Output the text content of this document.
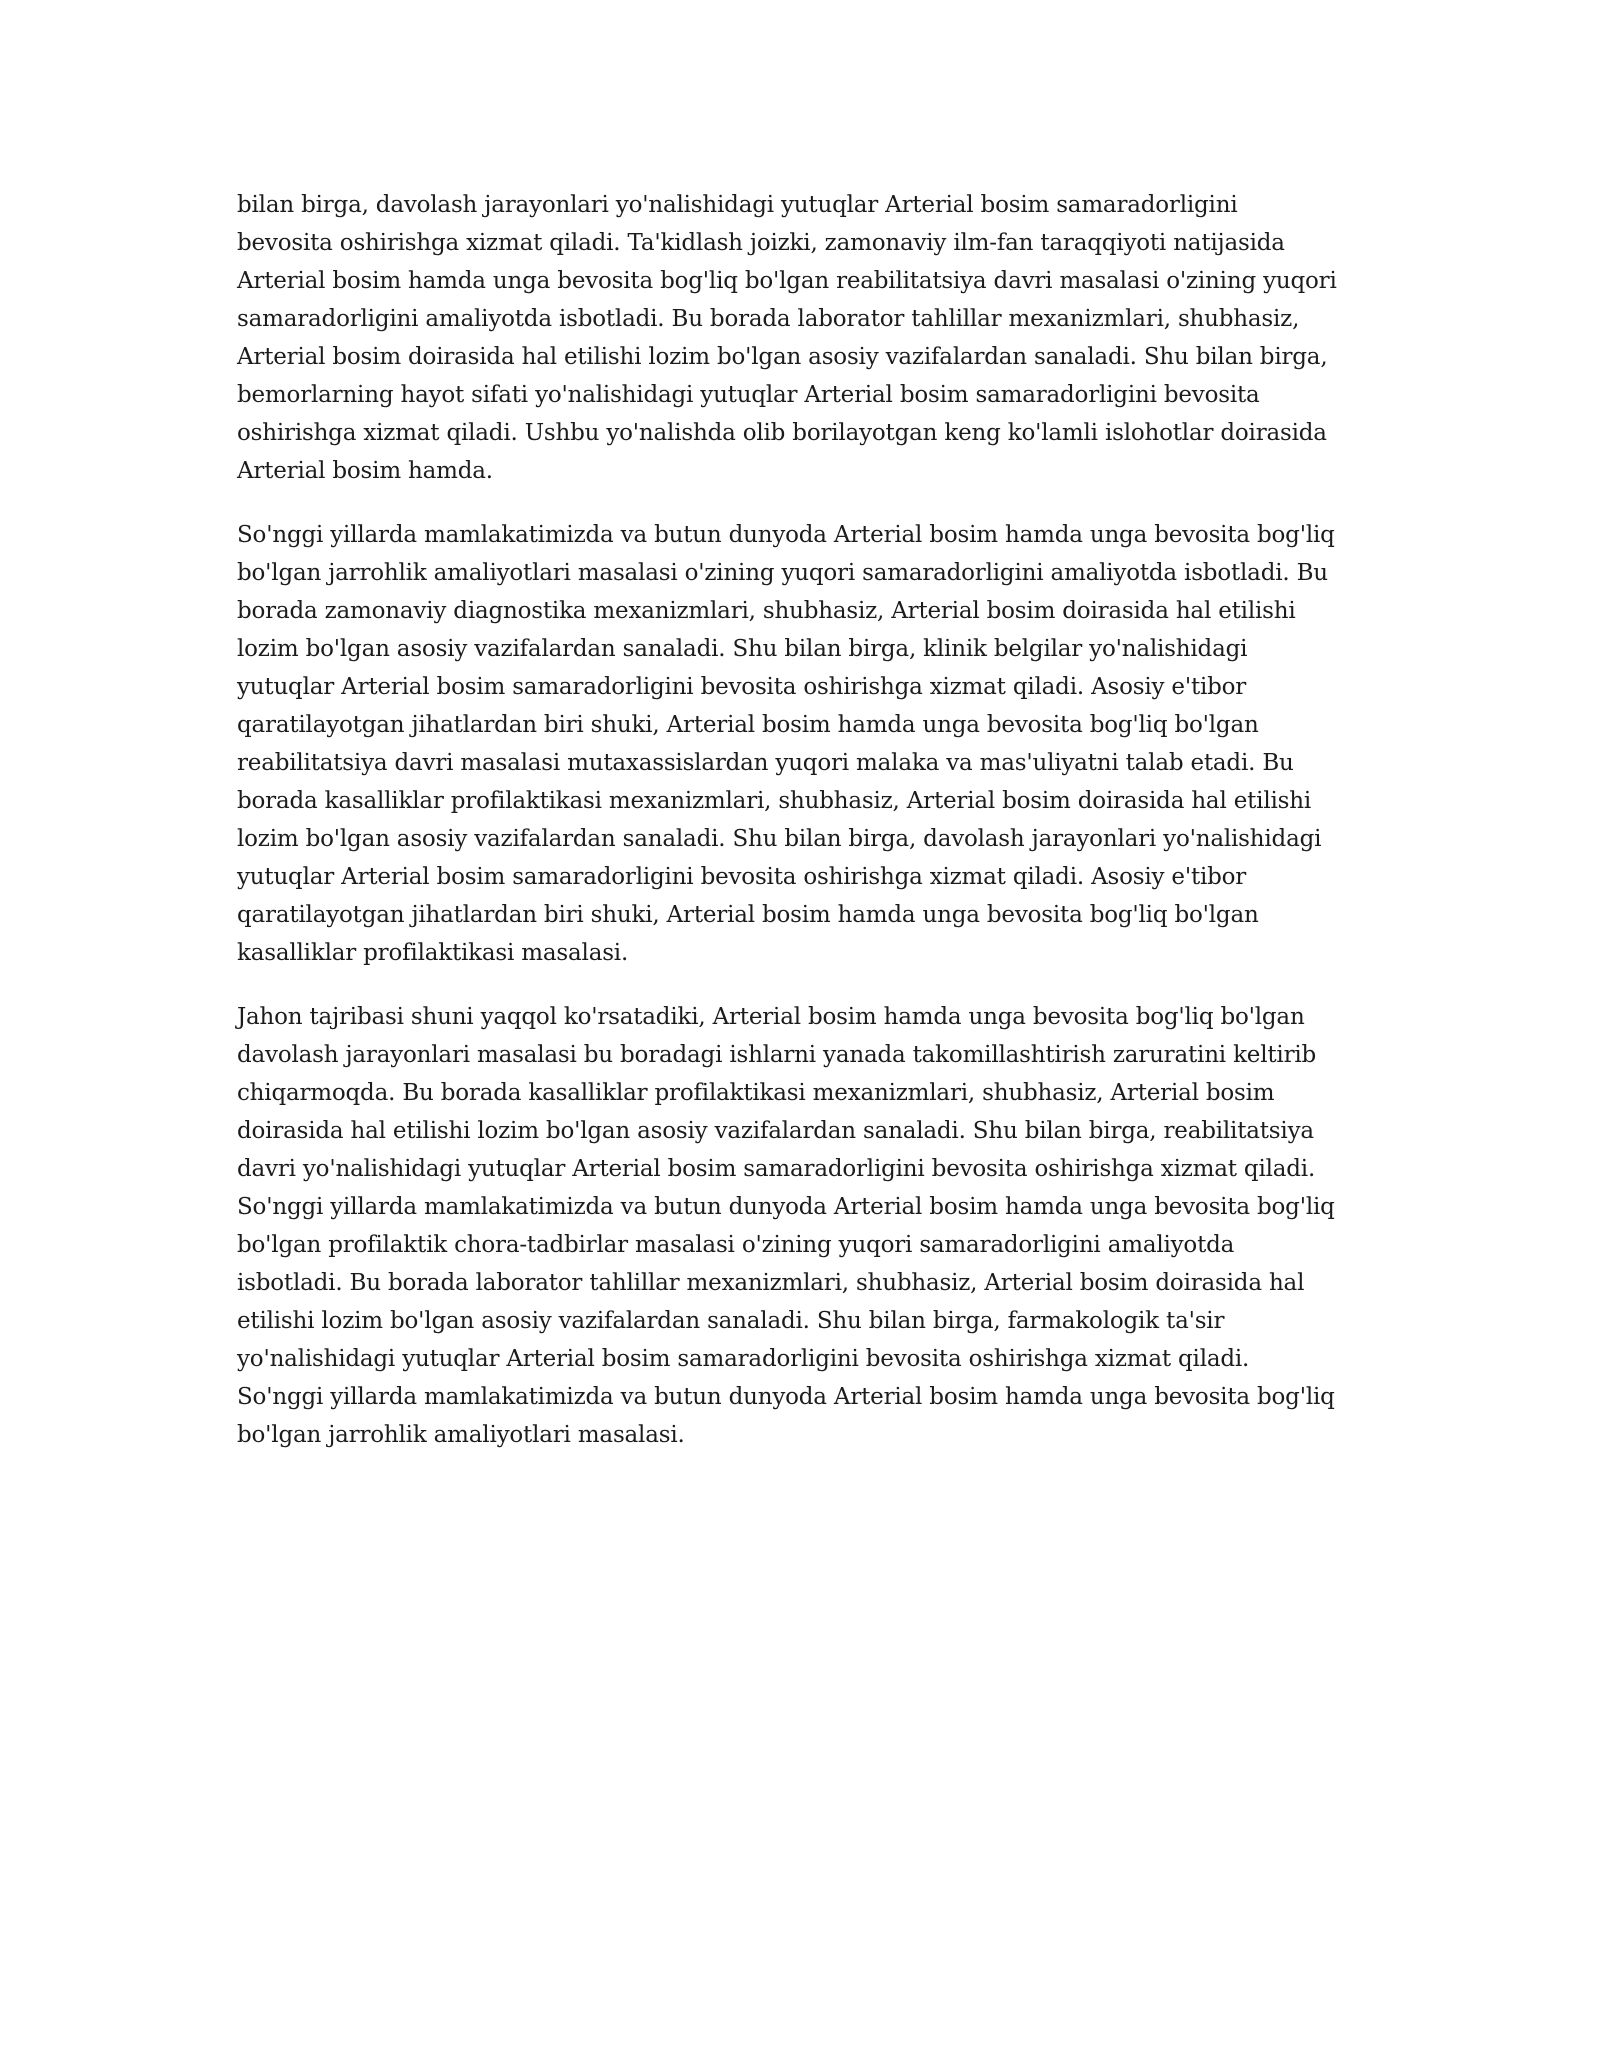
bilan birga, davolash jarayonlari yo'nalishidagi yutuqlar Arterial bosim samaradorligini
bevosita oshirishga xizmat qiladi. Ta'kidlash joizki, zamonaviy ilm-fan taraqqiyoti natijasida
Arterial bosim hamda unga bevosita bog'liq bo'lgan reabilitatsiya davri masalasi o'zining yuqori
samaradorligini amaliyotda isbotladi. Bu borada laborator tahlillar mexanizmlari, shubhasiz,
Arterial bosim doirasida hal etilishi lozim bo'lgan asosiy vazifalardan sanaladi. Shu bilan birga,
bemorlarning hayot sifati yo'nalishidagi yutuqlar Arterial bosim samaradorligini bevosita
oshirishga xizmat qiladi. Ushbu yo'nalishda olib borilayotgan keng ko'lamli islohotlar doirasida
Arterial bosim hamda.

So'nggi yillarda mamlakatimizda va butun dunyoda Arterial bosim hamda unga bevosita bog'liq
bo'lgan jarrohlik amaliyotlari masalasi o'zining yuqori samaradorligini amaliyotda isbotladi. Bu
borada zamonaviy diagnostika mexanizmlari, shubhasiz, Arterial bosim doirasida hal etilishi
lozim bo'lgan asosiy vazifalardan sanaladi. Shu bilan birga, klinik belgilar yo'nalishidagi
yutuqlar Arterial bosim samaradorligini bevosita oshirishga xizmat qiladi. Asosiy e'tibor
qaratilayotgan jihatlardan biri shuki, Arterial bosim hamda unga bevosita bog'liq bo'lgan
reabilitatsiya davri masalasi mutaxassislardan yuqori malaka va mas'uliyatni talab etadi. Bu
borada kasalliklar profilaktikasi mexanizmlari, shubhasiz, Arterial bosim doirasida hal etilishi
lozim bo'lgan asosiy vazifalardan sanaladi. Shu bilan birga, davolash jarayonlari yo'nalishidagi
yutuqlar Arterial bosim samaradorligini bevosita oshirishga xizmat qiladi. Asosiy e'tibor
qaratilayotgan jihatlardan biri shuki, Arterial bosim hamda unga bevosita bog'liq bo'lgan
kasalliklar profilaktikasi masalasi.

Jahon tajribasi shuni yaqqol ko'rsatadiki, Arterial bosim hamda unga bevosita bog'liq bo'lgan
davolash jarayonlari masalasi bu boradagi ishlarni yanada takomillashtirish zaruratini keltirib
chiqarmoqda. Bu borada kasalliklar profilaktikasi mexanizmlari, shubhasiz, Arterial bosim
doirasida hal etilishi lozim bo'lgan asosiy vazifalardan sanaladi. Shu bilan birga, reabilitatsiya
davri yo'nalishidagi yutuqlar Arterial bosim samaradorligini bevosita oshirishga xizmat qiladi.
So'nggi yillarda mamlakatimizda va butun dunyoda Arterial bosim hamda unga bevosita bog'liq
bo'lgan profilaktik chora-tadbirlar masalasi o'zining yuqori samaradorligini amaliyotda
isbotladi. Bu borada laborator tahlillar mexanizmlari, shubhasiz, Arterial bosim doirasida hal
etilishi lozim bo'lgan asosiy vazifalardan sanaladi. Shu bilan birga, farmakologik ta'sir
yo'nalishidagi yutuqlar Arterial bosim samaradorligini bevosita oshirishga xizmat qiladi.
So'nggi yillarda mamlakatimizda va butun dunyoda Arterial bosim hamda unga bevosita bog'liq
bo'lgan jarrohlik amaliyotlari masalasi.
